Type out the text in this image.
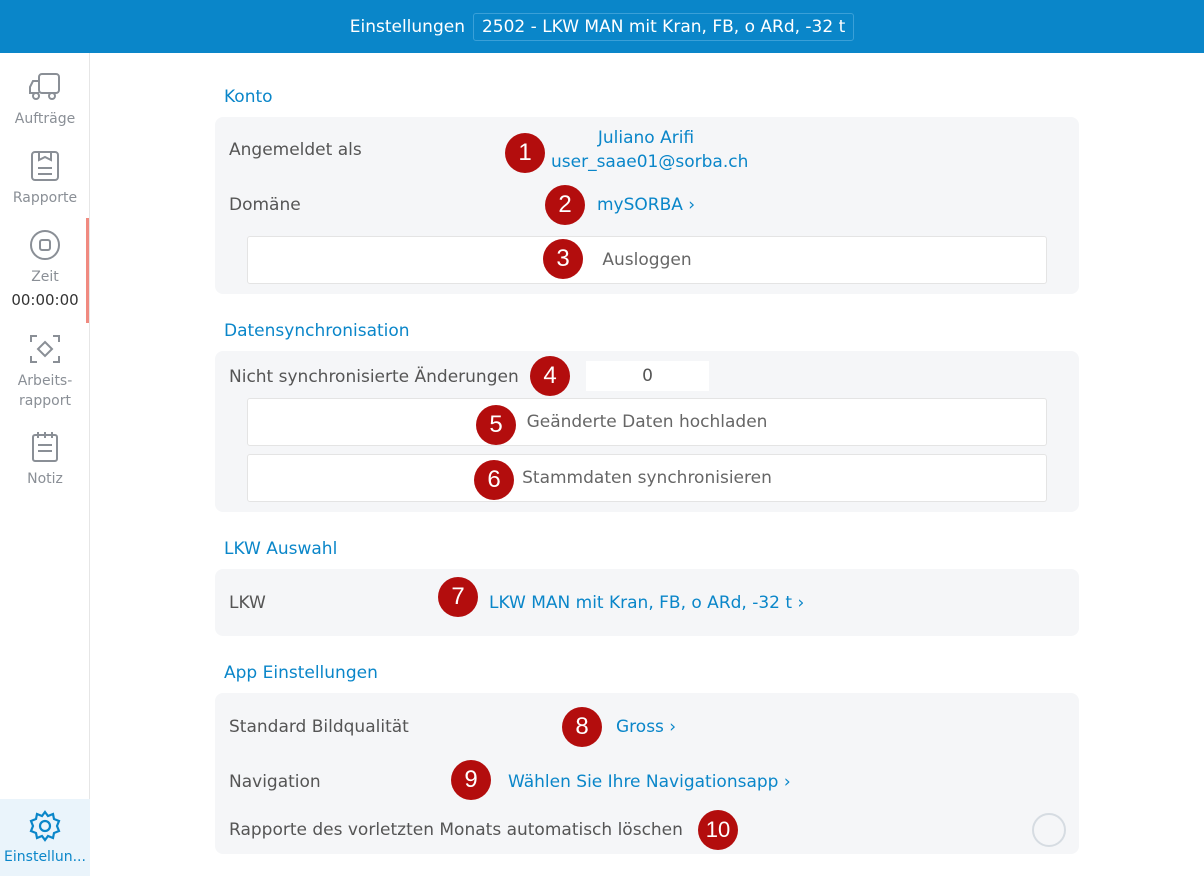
Einstellungen	2502 - LKW MAN mit Kran, FB, o ARd, -32 t
Aufträge
Rapporte
Zeit
00:00:00
Arbeits-
rapport
Notiz
Einstellun...
Konto
Angemeldet als
Juliano Arifi
user_saae01@sorba.ch
1
Domäne	mySORBA ›
2
Ausloggen
3
Datensynchronisation
Nicht synchronisierte Änderungen	0
4
Geänderte Daten hochladen
5
Stammdaten synchronisieren
6
LKW Auswahl
LKW	LKW MAN mit Kran, FB, o ARd, -32 t ›
7
App Einstellungen
Standard Bildqualität	Gross ›
8
Navigation	Wählen Sie Ihre Navigationsapp ›
9
Rapporte des vorletzten Monats automatisch löschen	10
